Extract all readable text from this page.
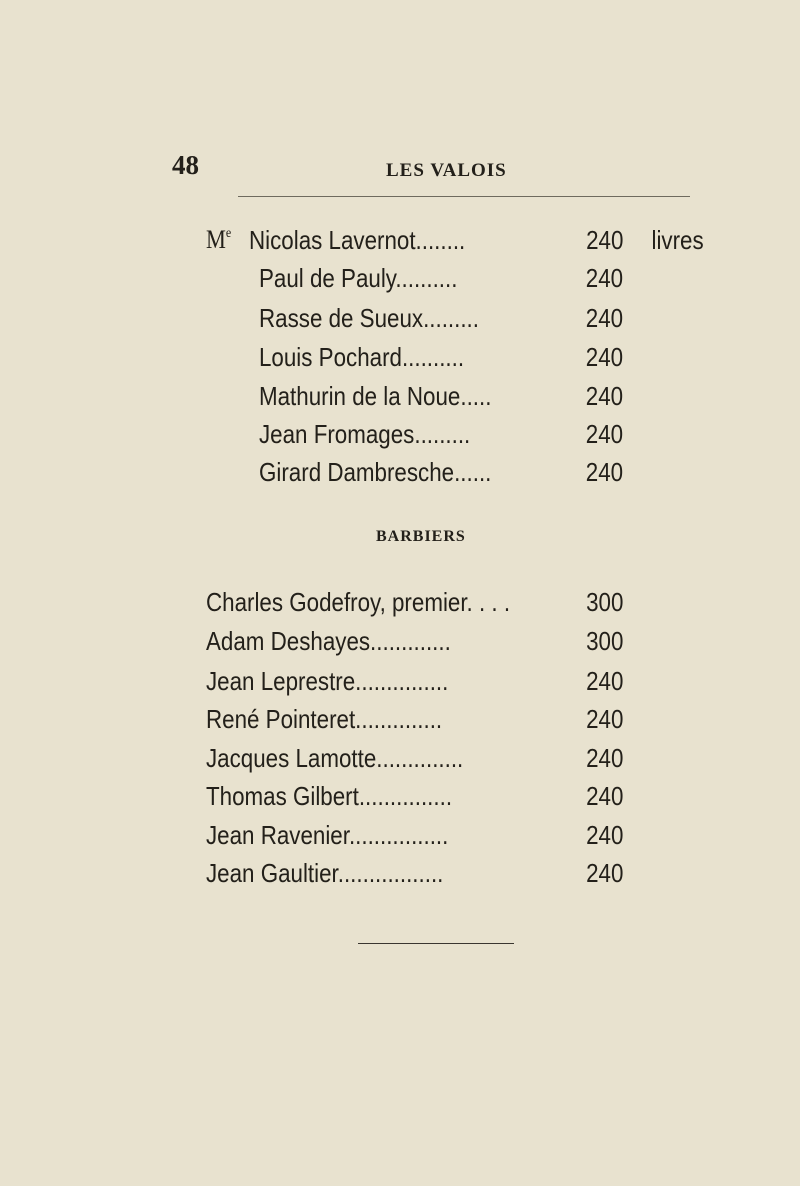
48	LES VALOIS
Me Nicolas Lavernot........	240 livres
Paul de Pauly..........	240
Rasse de Sueux.........	240
Louis Pochard..........	240
Mathurin de la Noue.....	240
Jean Fromages.........	240
Girard Dambresche......	240
BARBIERS
Charles Godefroy, premier. . . .	300
Adam Deshayes.............	300
Jean Leprestre...............	240
René Pointeret..............	240
Jacques Lamotte..............	240
Thomas Gilbert...............	240
Jean Ravenier................	240
Jean Gaultier.................	240
